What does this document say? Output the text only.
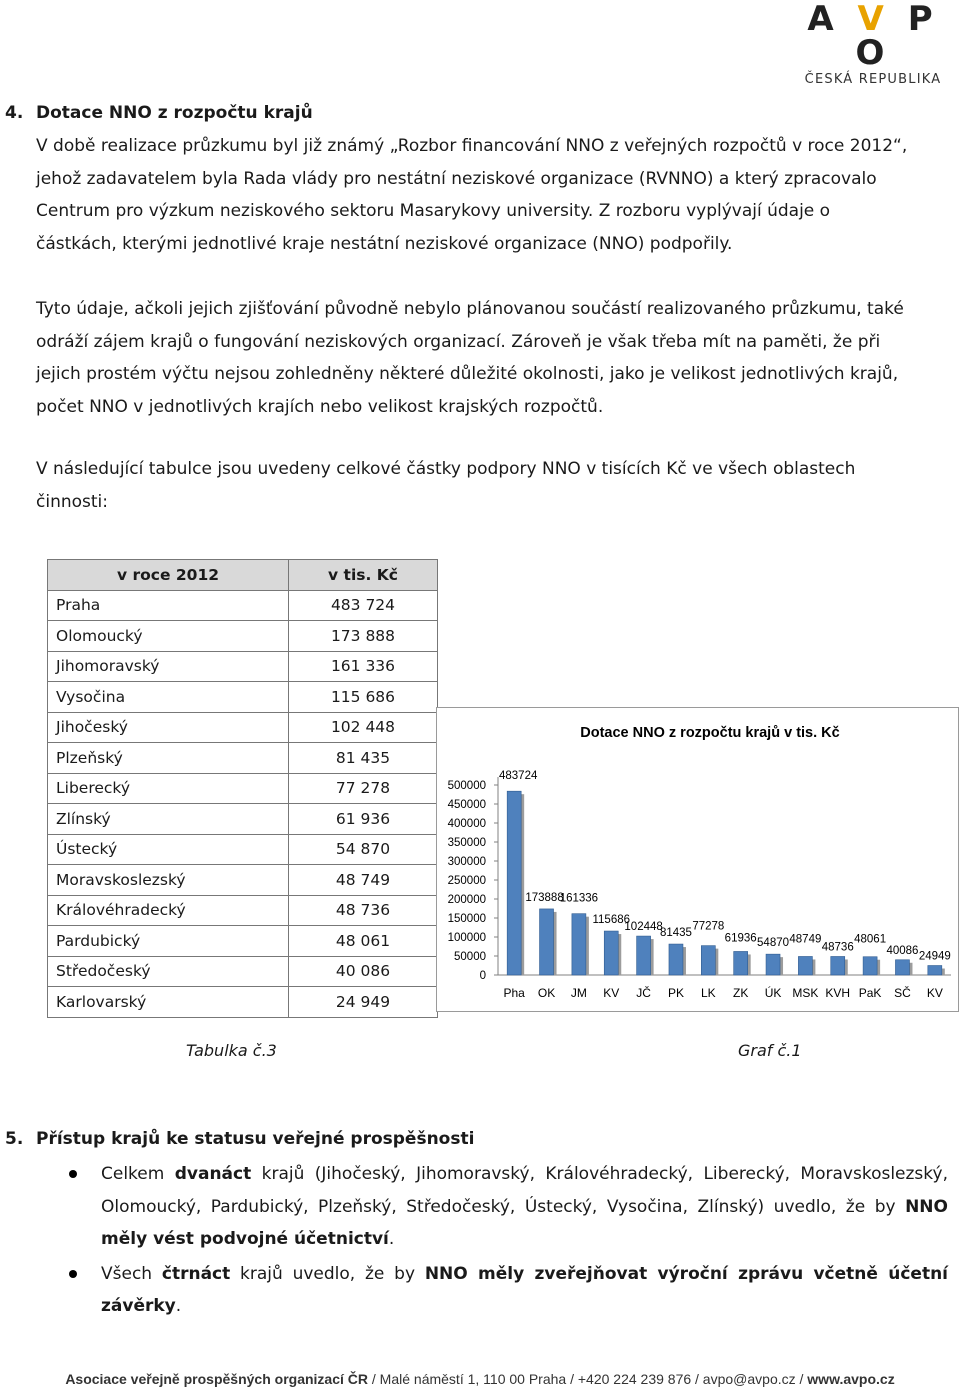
A V P O
ČESKÁ REPUBLIKA
4. Dotace NNO z rozpočtu krajů
V době realizace průzkumu byl již známý „Rozbor financování NNO z veřejných rozpočtů v roce 2012“,
jehož zadavatelem byla Rada vlády pro nestátní neziskové organizace (RVNNO) a který zpracovalo
Centrum pro výzkum neziskového sektoru Masarykovy university. Z rozboru vyplývají údaje o
částkách, kterými jednotlivé kraje nestátní neziskové organizace (NNO) podpořily.
Tyto údaje, ačkoli jejich zjišťování původně nebylo plánovanou součástí realizovaného průzkumu, také
odráží zájem krajů o fungování neziskových organizací. Zároveň je však třeba mít na paměti, že při
jejich prostém výčtu nejsou zohledněny některé důležité okolnosti, jako je velikost jednotlivých krajů,
počet NNO v jednotlivých krajích nebo velikost krajských rozpočtů.
V následující tabulce jsou uvedeny celkové částky podpory NNO v tisících Kč ve všech oblastech
činnosti:
v roce 2012	v tis. Kč
Praha	483 724
Olomoucký	173 888
Jihomoravský	161 336
Vysočina	115 686
Jihočeský	102 448
Plzeňský	81 435
Liberecký	77 278
Zlínský	61 936
Ústecký	54 870
Moravskoslezský	48 749
Královéhradecký	48 736
Pardubický	48 061
Středočeský	40 086
Karlovarský	24 949
Dotace NNO z rozpočtu krajů v tis. Kč
0
50000
100000
150000
200000
250000
300000
350000
400000
450000
500000
483724
173888
161336
115686
102448
81435
77278
61936 54870 48749
48736
48061
40086 24949
Pha OK JM KV JČ PK LK ZK ÚK MSK KVH PaK SČ KV
Tabulka č.3	Graf č.1
5. Přístup krajů ke statusu veřejné prospěšnosti
Celkem dvanáct krajů (Jihočeský, Jihomoravský, Královéhradecký, Liberecký, Moravskoslezský, Olomoucký, Pardubický, Plzeňský, Středočeský, Ústecký, Vysočina, Zlínský) uvedlo, že by NNO měly vést podvojné účetnictví.
Všech čtrnáct krajů uvedlo, že by NNO měly zveřejňovat výroční zprávu včetně účetní závěrky.
Asociace veřejně prospěšných organizací ČR / Malé náměstí 1, 110 00 Praha / +420 224 239 876 / avpo@avpo.cz / www.avpo.cz
